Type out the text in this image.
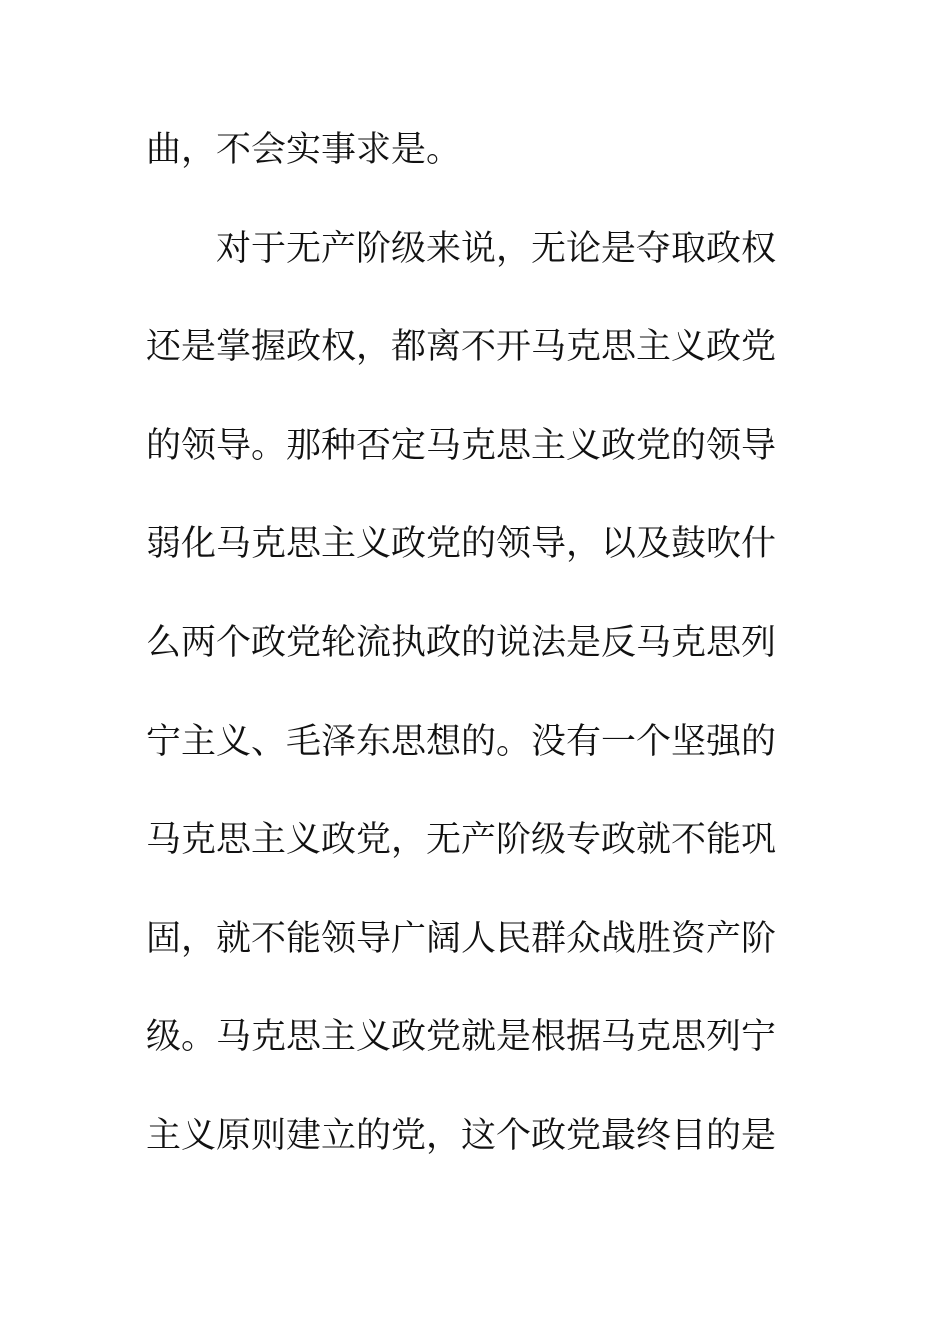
曲，不会实事求是。
　　对于无产阶级来说，无论是夺取政权
还是掌握政权，都离不开马克思主义政党
的领导。那种否定马克思主义政党的领导
弱化马克思主义政党的领导，以及鼓吹什
么两个政党轮流执政的说法是反马克思列
宁主义、毛泽东思想的。没有一个坚强的
马克思主义政党，无产阶级专政就不能巩
固，就不能领导广阔人民群众战胜资产阶
级。马克思主义政党就是根据马克思列宁
主义原则建立的党，这个政党最终目的是
